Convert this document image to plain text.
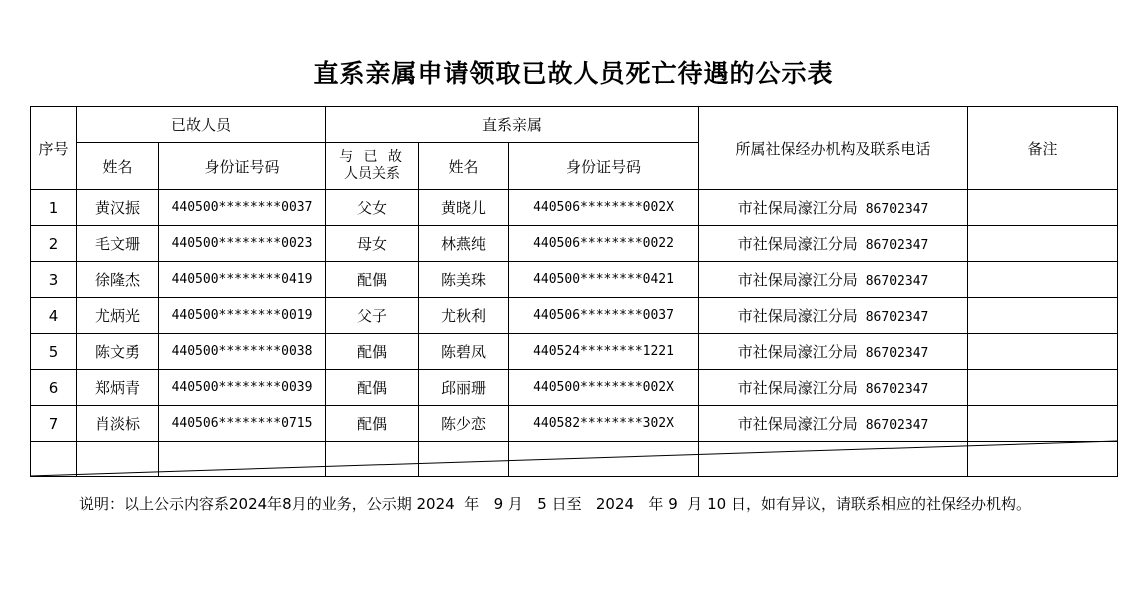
直系亲属申请领取已故人员死亡待遇的公示表
序号	已故人员		直系亲属			所属社保经办机构及联系电话	备注
	姓名	身份证号码	与 已 故
人员关系	姓名	身份证号码		
1	黄汉振	440500********0037	父女	黄晓儿	440506********002X	市社保局濠江分局 86702347	
2	毛文珊	440500********0023	母女	林燕纯	440506********0022	市社保局濠江分局 86702347	
3	徐隆杰	440500********0419	配偶	陈美珠	440500********0421	市社保局濠江分局 86702347	
4	尤炳光	440500********0019	父子	尤秋利	440506********0037	市社保局濠江分局 86702347	
5	陈文勇	440500********0038	配偶	陈碧凤	440524********1221	市社保局濠江分局 86702347	
6	郑炳青	440500********0039	配偶	邱丽珊	440500********002X	市社保局濠江分局 86702347	
7	肖淡标	440506********0715	配偶	陈少恋	440582********302X	市社保局濠江分局 86702347	

说明：以上公示内容系2024年8月的业务，公示期 2024 年 9 月 5 日至 2024 年 9 月 10 日，如有异议，请联系相应的社保经办机构。
